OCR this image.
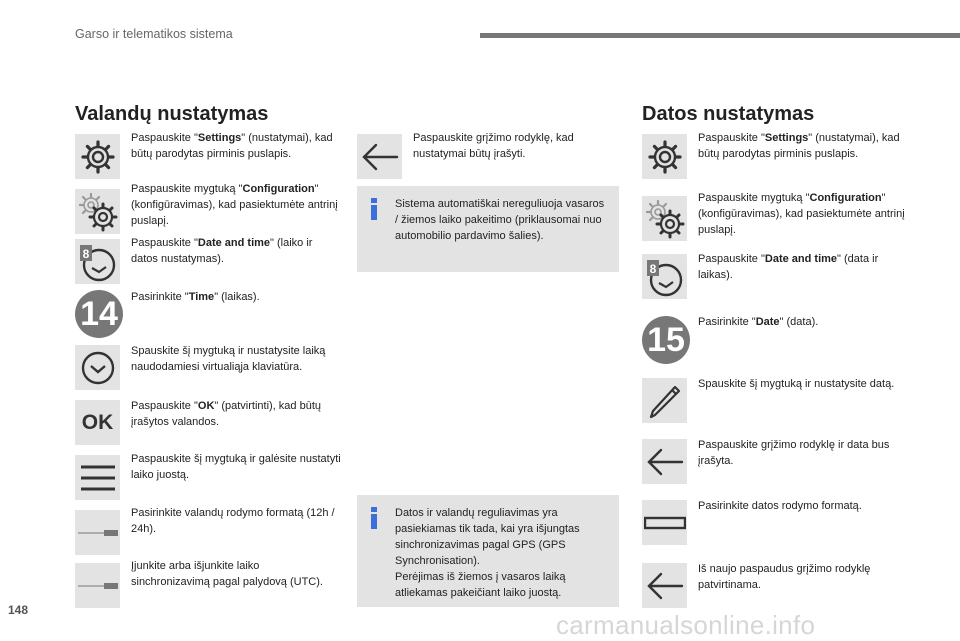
Garso ir telematikos sistema
Valandų nustatymas
Paspauskite "Settings" (nustatymai), kad būtų parodytas pirminis puslapis.
Paspauskite mygtuką "Configuration" (konfigūravimas), kad pasiektumėte antrinį puslapį.
8
Paspauskite "Date and time" (laiko ir datos nustatymas).
14 Pasirinkite "Time" (laikas).
Spauskite šį mygtuką ir nustatysite laiką naudodamiesi virtualiąja klaviatūra.
OK
Paspauskite "OK" (patvirtinti), kad būtų įrašytos valandos.
Paspauskite šį mygtuką ir galėsite nustatyti laiko juostą.
Pasirinkite valandų rodymo formatą (12h / 24h).
Įjunkite arba išjunkite laiko sinchronizavimą pagal palydovą (UTC).
Paspauskite grįžimo rodyklę, kad nustatymai būtų įrašyti.
Sistema automatiškai nereguliuoja vasaros / žiemos laiko pakeitimo (priklausomai nuo automobilio pardavimo šalies).
Datos ir valandų reguliavimas yra pasiekiamas tik tada, kai yra išjungtas sinchronizavimas pagal GPS (GPS Synchronisation).
Perėjimas iš žiemos į vasaros laiką atliekamas pakeičiant laiko juostą.
Datos nustatymas
Paspauskite "Settings" (nustatymai), kad būtų parodytas pirminis puslapis.
Paspauskite mygtuką "Configuration" (konfigūravimas), kad pasiektumėte antrinį puslapį.
8
Paspauskite "Date and time" (data ir laikas).
15 Pasirinkite "Date" (data).
Spauskite šį mygtuką ir nustatysite datą.
Paspauskite grįžimo rodyklę ir data bus įrašyta.
Pasirinkite datos rodymo formatą.
Iš naujo paspaudus grįžimo rodyklę patvirtinama.
148	carmanualsonline.info
